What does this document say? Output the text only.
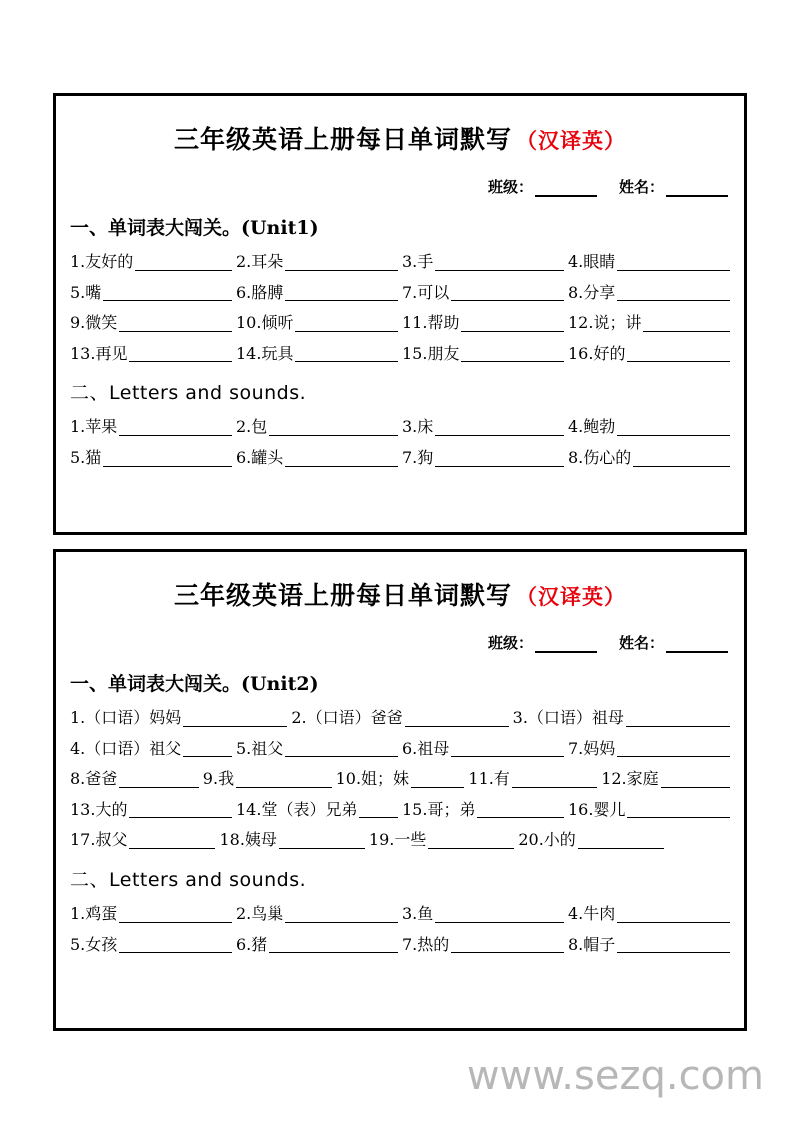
三年级英语上册每日单词默写 （汉译英）
班级：	姓名：
一、单词表大闯关。(Unit1)
1.友好的	2.耳朵	3.手	4.眼睛
5.嘴	6.胳膊	7.可以	8.分享
9.微笑	10.倾听	11.帮助	12.说；讲
13.再见	14.玩具	15.朋友	16.好的
二、Letters and sounds.
1.苹果	2.包	3.床	4.鲍勃
5.猫	6.罐头	7.狗	8.伤心的
三年级英语上册每日单词默写 （汉译英）
班级：	姓名：
一、单词表大闯关。(Unit2)
1.（口语）妈妈	2.（口语）爸爸	3.（口语）祖母
4.（口语）祖父	5.祖父	6.祖母	7.妈妈
8.爸爸	9.我	10.姐；妹	11.有	12.家庭
13.大的	14.堂（表）兄弟	15.哥；弟	16.婴儿
17.叔父	18.姨母	19.一些	20.小的
二、Letters and sounds.
1.鸡蛋	2.鸟巢	3.鱼	4.牛肉
5.女孩	6.猪	7.热的	8.帽子
www.sezq.com
